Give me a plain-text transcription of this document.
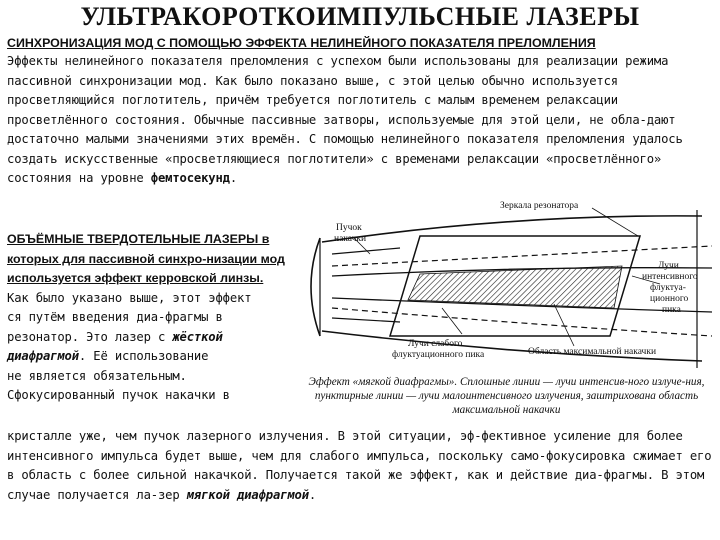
УЛЬТРАКОРОТКОИМПУЛЬСНЫЕ ЛАЗЕРЫ
СИНХРОНИЗАЦИЯ МОД С ПОМОЩЬЮ ЭФФЕКТА НЕЛИНЕЙНОГО ПОКАЗАТЕЛЯ ПРЕЛОМЛЕНИЯ

Эффекты нелинейного показателя преломления с успехом были использованы для реализации режима пассивной синхронизации мод. Как было показано выше, с этой целью обычно используется просветляющийся поглотитель, причём требуется поглотитель с малым временем релаксации просветлённого состояния. Обычные пассивные затворы, используемые для этой цели, не обла-дают достаточно малыми значениями этих времён. С помощью нелинейного показателя преломления удалось создать искусственные «просветляющиеся поглотители» с временами релаксации «просветлённого» состояния на уровне фемтосекунд.

ОБЪЁМНЫЕ ТВЕРДОТЕЛЬНЫЕ ЛАЗЕРЫ в которых для пассивной синхро-низации мод используется эффект керровской линзы.

Как было указано выше, этот эффект

ся путём введения диа-фрагмы в

резонатор. Это лазер с жёсткой

диафрагмой. Её использование

не является обязательным.

Сфокусированный пучок накачки в

Пучок
накачки
Зеркала резонатора
Лучи
интенсивного
флуктуа-
ционного
пика
Лучи слабого
флуктуационного пика	Область максимальной накачки
Эффект «мягкой диафрагмы». Сплошные линии — лучи интенсив-ного излуче-ния, пунктирные линии — лучи малоинтенсивного излучения, заштрихована область максимальной накачки

кристалле уже, чем пучок лазерного излучения. В этой ситуации, эф-фективное усиление для более интенсивного импульса будет выше, чем для слабого импульса, поскольку само-фокусировка сжимает его в область с более сильной накачкой. Получается такой же эффект, как и действие диа-фрагмы. В этом случае получается ла-зер мягкой диафрагмой.
